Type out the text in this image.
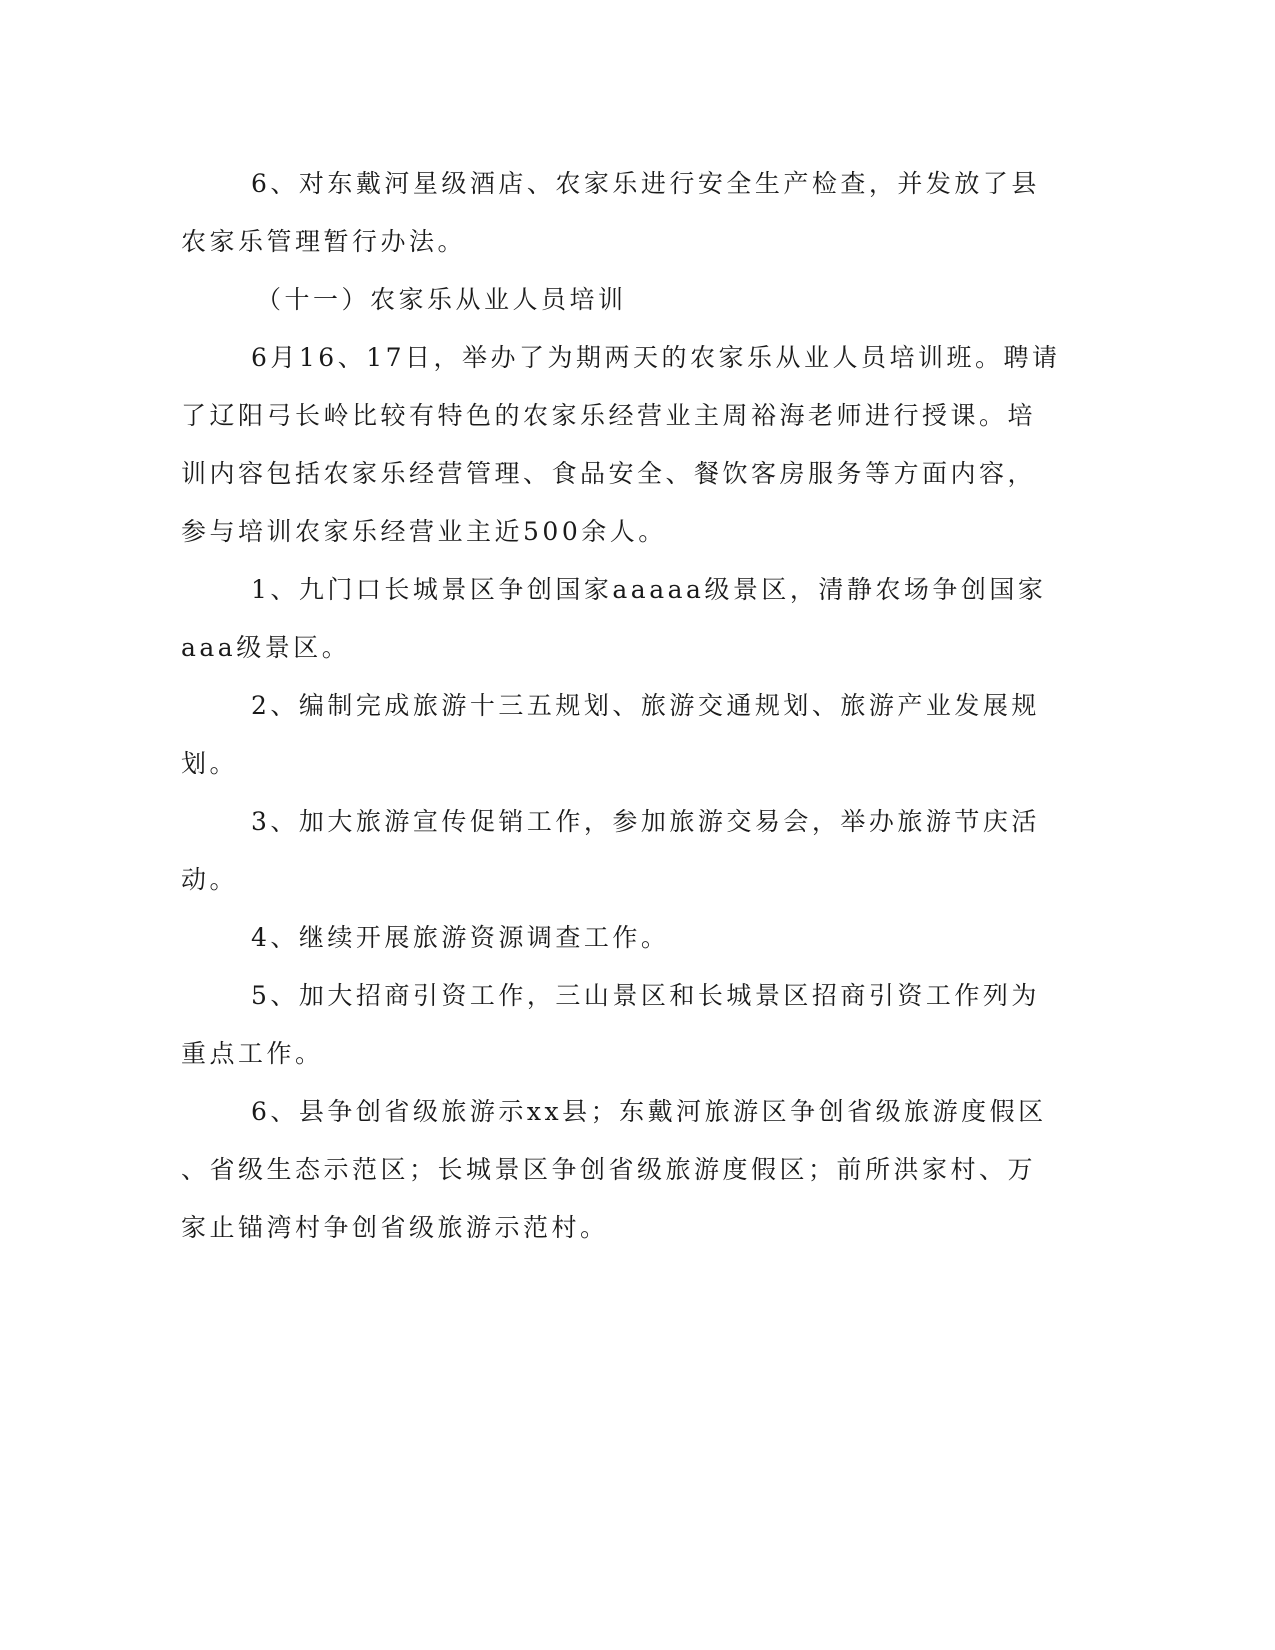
6、对东戴河星级酒店、农家乐进行安全生产检查，并发放了县
农家乐管理暂行办法。
（十一）农家乐从业人员培训
6月16、17日，举办了为期两天的农家乐从业人员培训班。聘请
了辽阳弓长岭比较有特色的农家乐经营业主周裕海老师进行授课。培
训内容包括农家乐经营管理、食品安全、餐饮客房服务等方面内容，
参与培训农家乐经营业主近500余人。
1、九门口长城景区争创国家aaaaa级景区，清静农场争创国家
aaa级景区。
2、编制完成旅游十三五规划、旅游交通规划、旅游产业发展规
划。
3、加大旅游宣传促销工作，参加旅游交易会，举办旅游节庆活
动。
4、继续开展旅游资源调查工作。
5、加大招商引资工作，三山景区和长城景区招商引资工作列为
重点工作。
6、县争创省级旅游示xx县；东戴河旅游区争创省级旅游度假区
、省级生态示范区；长城景区争创省级旅游度假区；前所洪家村、万
家止锚湾村争创省级旅游示范村。
